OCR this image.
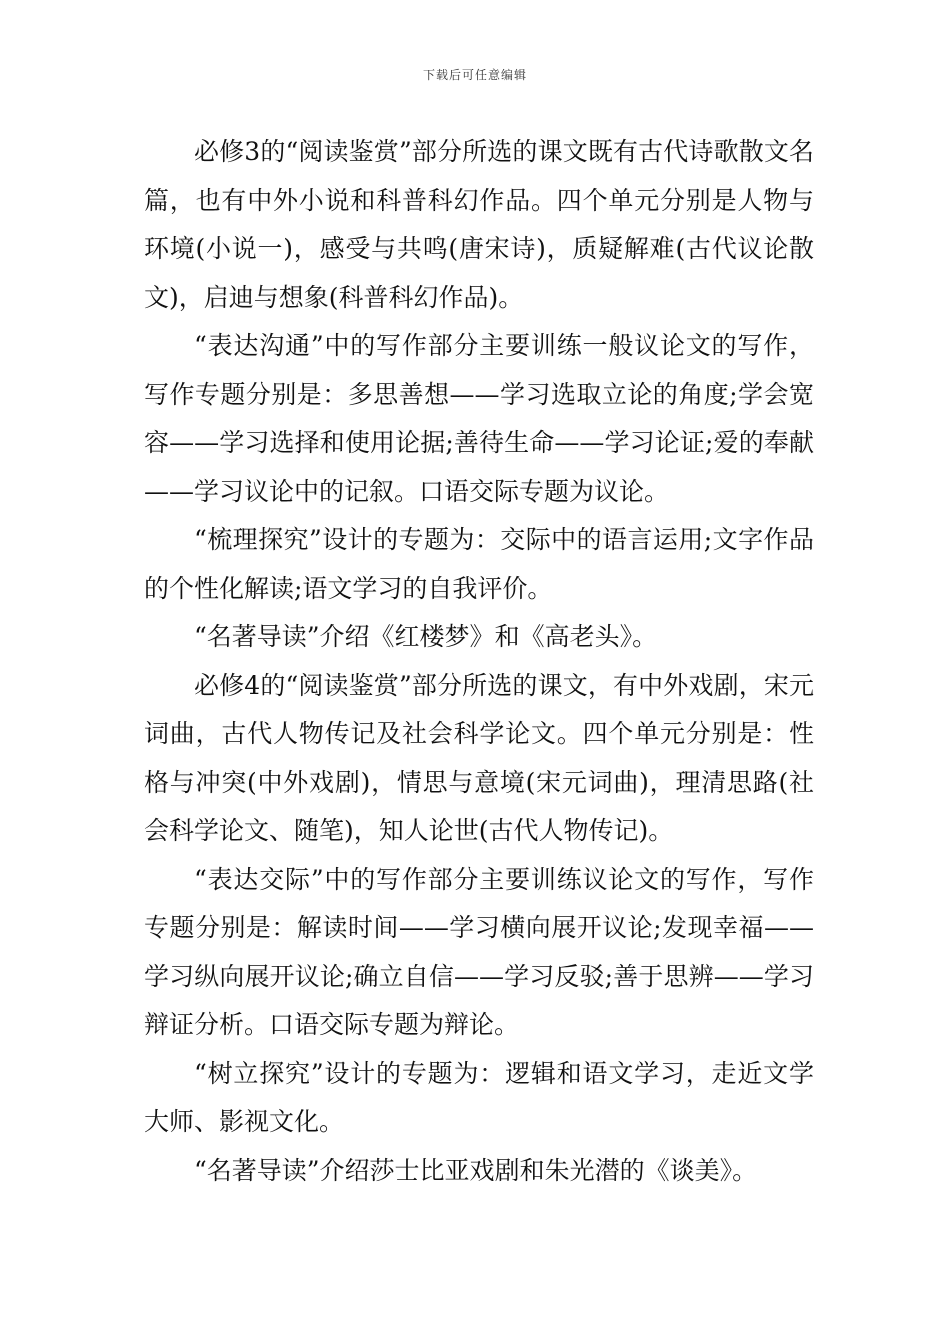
下载后可任意编辑

必修3的“阅读鉴赏”部分所选的课文既有古代诗歌散文名篇，也有中外小说和科普科幻作品。四个单元分别是人物与环境(小说一)，感受与共鸣(唐宋诗)，质疑解难(古代议论散文)，启迪与想象(科普科幻作品)。

“表达沟通”中的写作部分主要训练一般议论文的写作，写作专题分别是：多思善想——学习选取立论的角度;学会宽容——学习选择和使用论据;善待生命——学习论证;爱的奉献——学习议论中的记叙。口语交际专题为议论。

“梳理探究”设计的专题为：交际中的语言运用;文字作品的个性化解读;语文学习的自我评价。

“名著导读”介绍《红楼梦》和《高老头》。

必修4的“阅读鉴赏”部分所选的课文，有中外戏剧，宋元词曲，古代人物传记及社会科学论文。四个单元分别是：性格与冲突(中外戏剧)，情思与意境(宋元词曲)，理清思路(社会科学论文、随笔)，知人论世(古代人物传记)。

“表达交际”中的写作部分主要训练议论文的写作，写作专题分别是：解读时间——学习横向展开议论;发现幸福——学习纵向展开议论;确立自信——学习反驳;善于思辨——学习辩证分析。口语交际专题为辩论。

“树立探究”设计的专题为：逻辑和语文学习，走近文学大师、影视文化。

“名著导读”介绍莎士比亚戏剧和朱光潜的《谈美》。
